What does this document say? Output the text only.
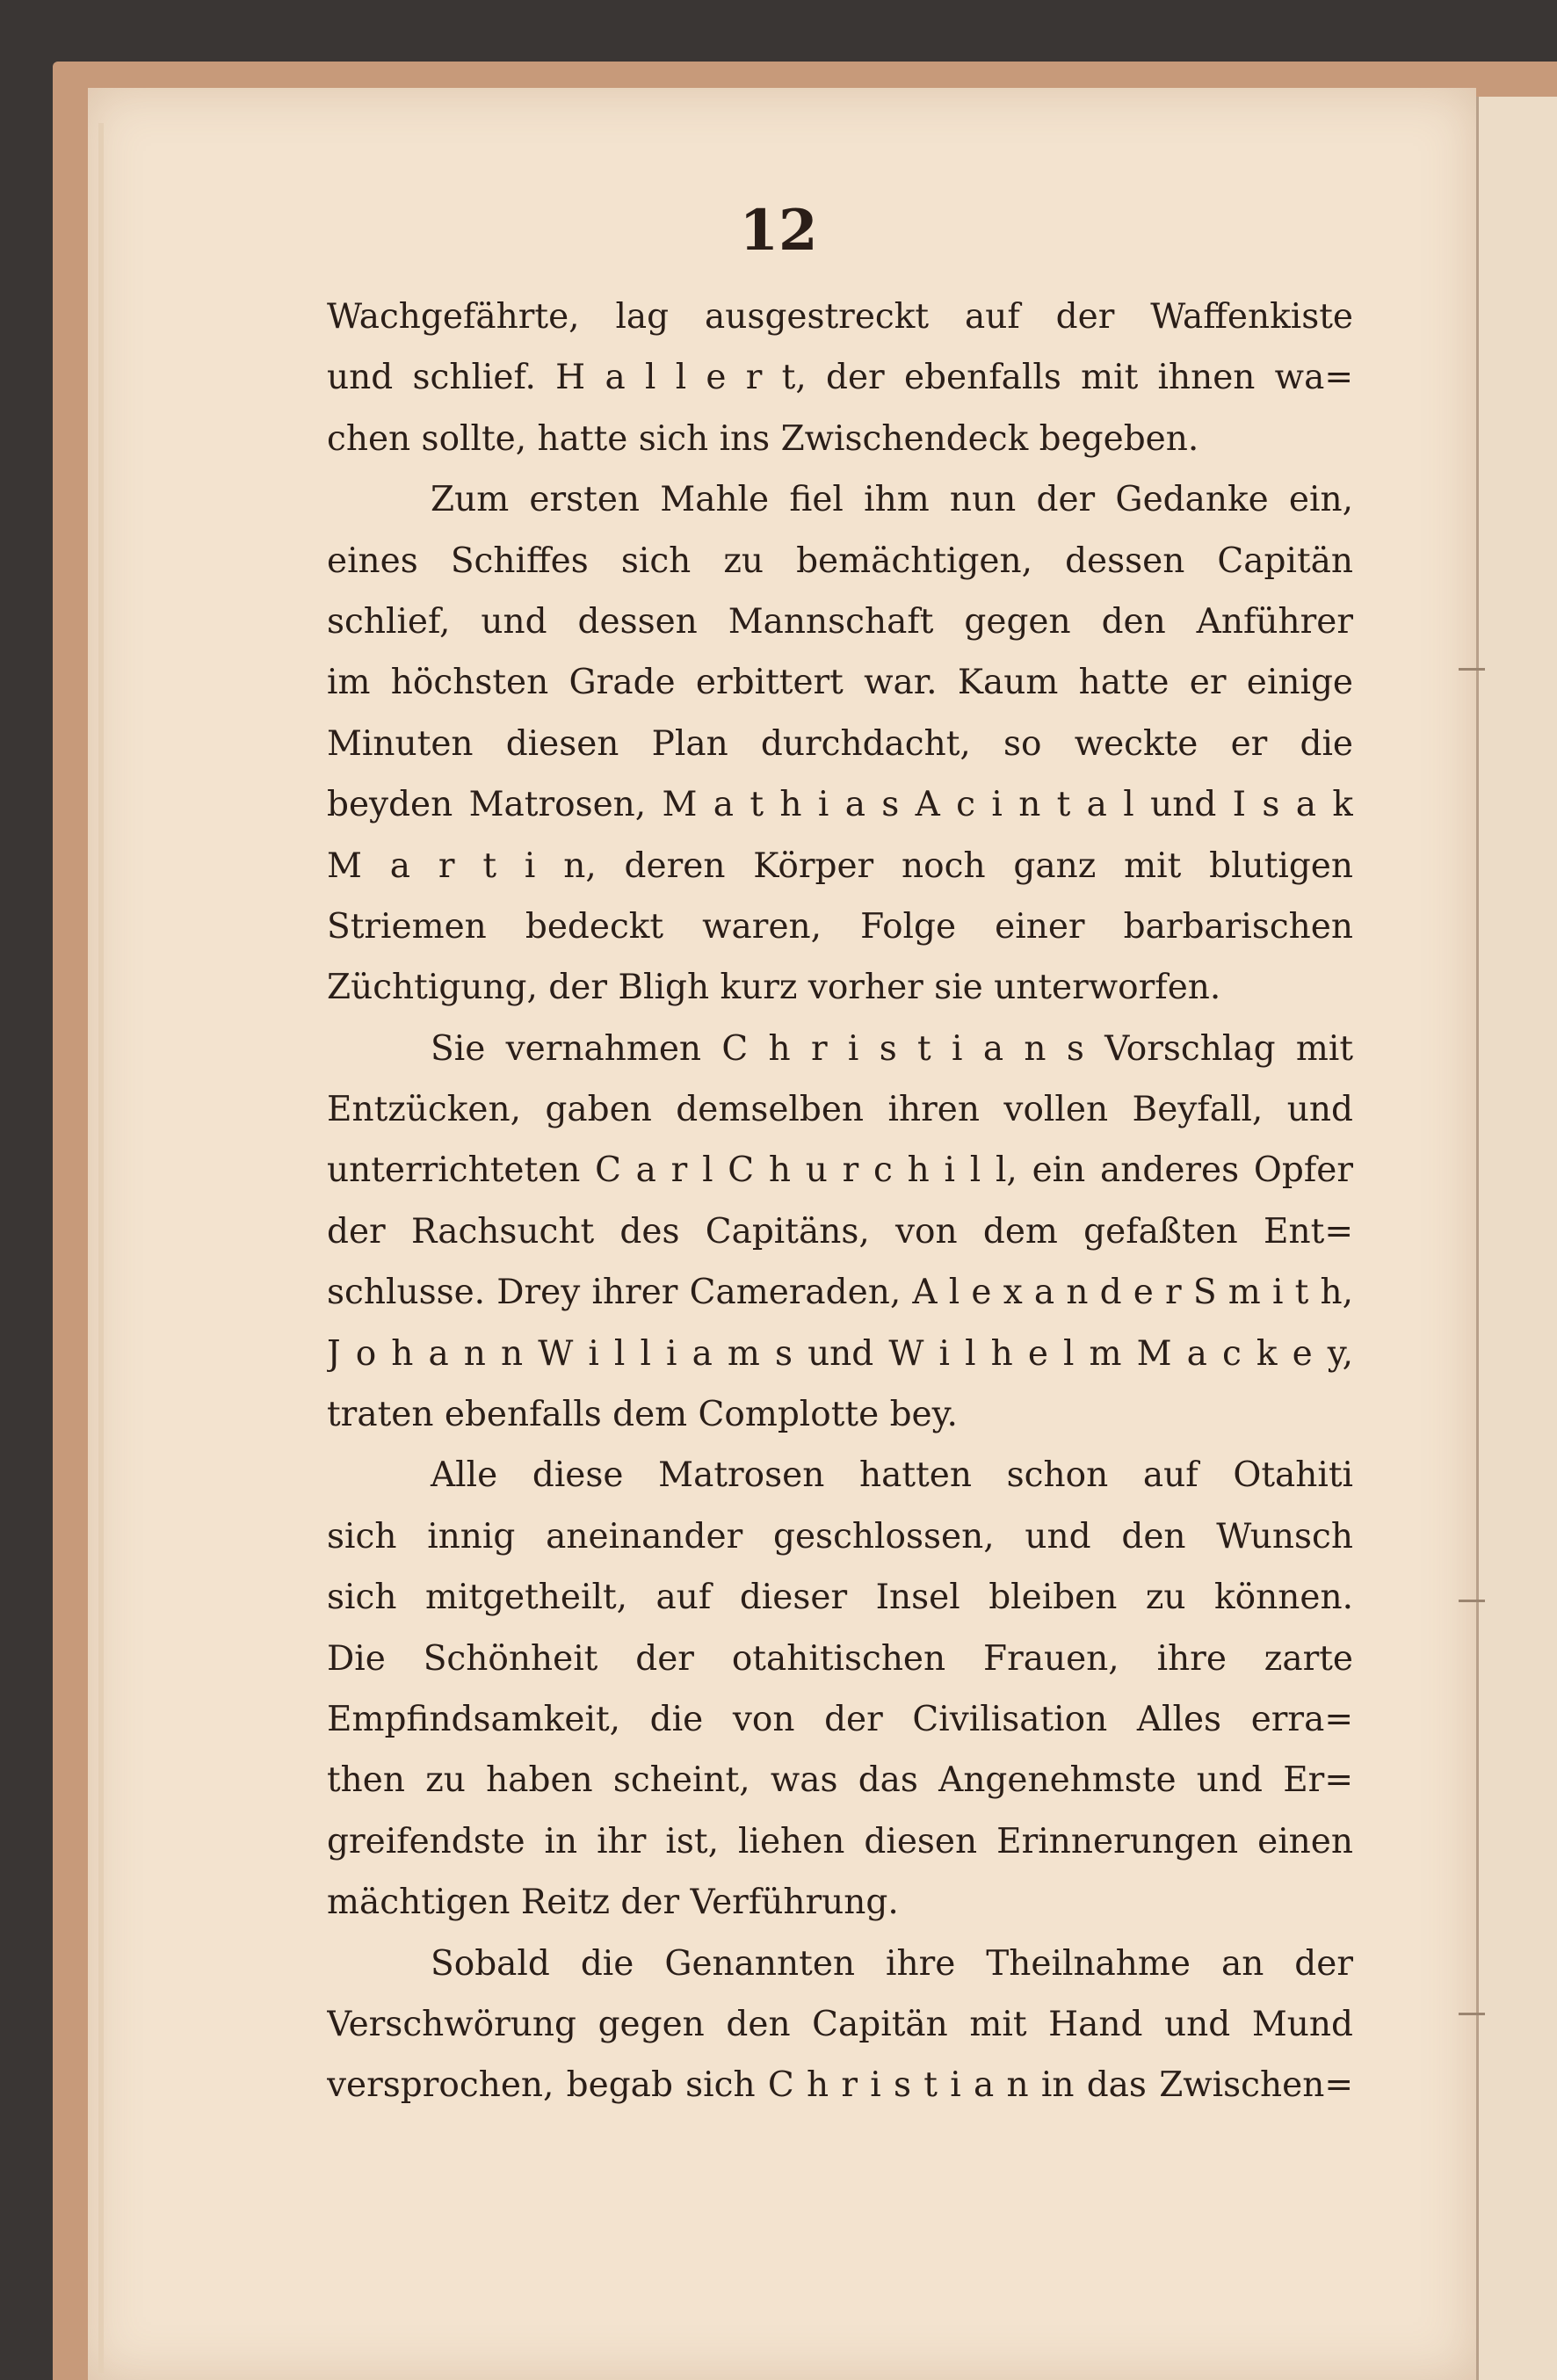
12
Wachgefährte, lag ausgestreckt auf der Waffenkiste
und schlief. H a l l e r t, der ebenfalls mit ihnen wa=
chen sollte, hatte sich ins Zwischendeck begeben.
Zum ersten Mahle fiel ihm nun der Gedanke ein,
eines Schiffes sich zu bemächtigen, dessen Capitän
schlief, und dessen Mannschaft gegen den Anführer
im höchsten Grade erbittert war. Kaum hatte er einige
Minuten diesen Plan durchdacht, so weckte er die
beyden Matrosen, M a t h i a s A c i n t a l und I s a k
M a r t i n, deren Körper noch ganz mit blutigen
Striemen bedeckt waren, Folge einer barbarischen
Züchtigung, der Bligh kurz vorher sie unterworfen.
Sie vernahmen C h r i s t i a n s Vorschlag mit
Entzücken, gaben demselben ihren vollen Beyfall, und
unterrichteten C a r l C h u r c h i l l, ein anderes Opfer
der Rachsucht des Capitäns, von dem gefaßten Ent=
schlusse. Drey ihrer Cameraden, A l e x a n d e r S m i t h,
J o h a n n W i l l i a m s und W i l h e l m M a c k e y,
traten ebenfalls dem Complotte bey.
Alle diese Matrosen hatten schon auf Otahiti
sich innig aneinander geschlossen, und den Wunsch
sich mitgetheilt, auf dieser Insel bleiben zu können.
Die Schönheit der otahitischen Frauen, ihre zarte
Empfindsamkeit, die von der Civilisation Alles erra=
then zu haben scheint, was das Angenehmste und Er=
greifendste in ihr ist, liehen diesen Erinnerungen einen
mächtigen Reitz der Verführung.
Sobald die Genannten ihre Theilnahme an der
Verschwörung gegen den Capitän mit Hand und Mund
versprochen, begab sich C h r i s t i a n in das Zwischen=
